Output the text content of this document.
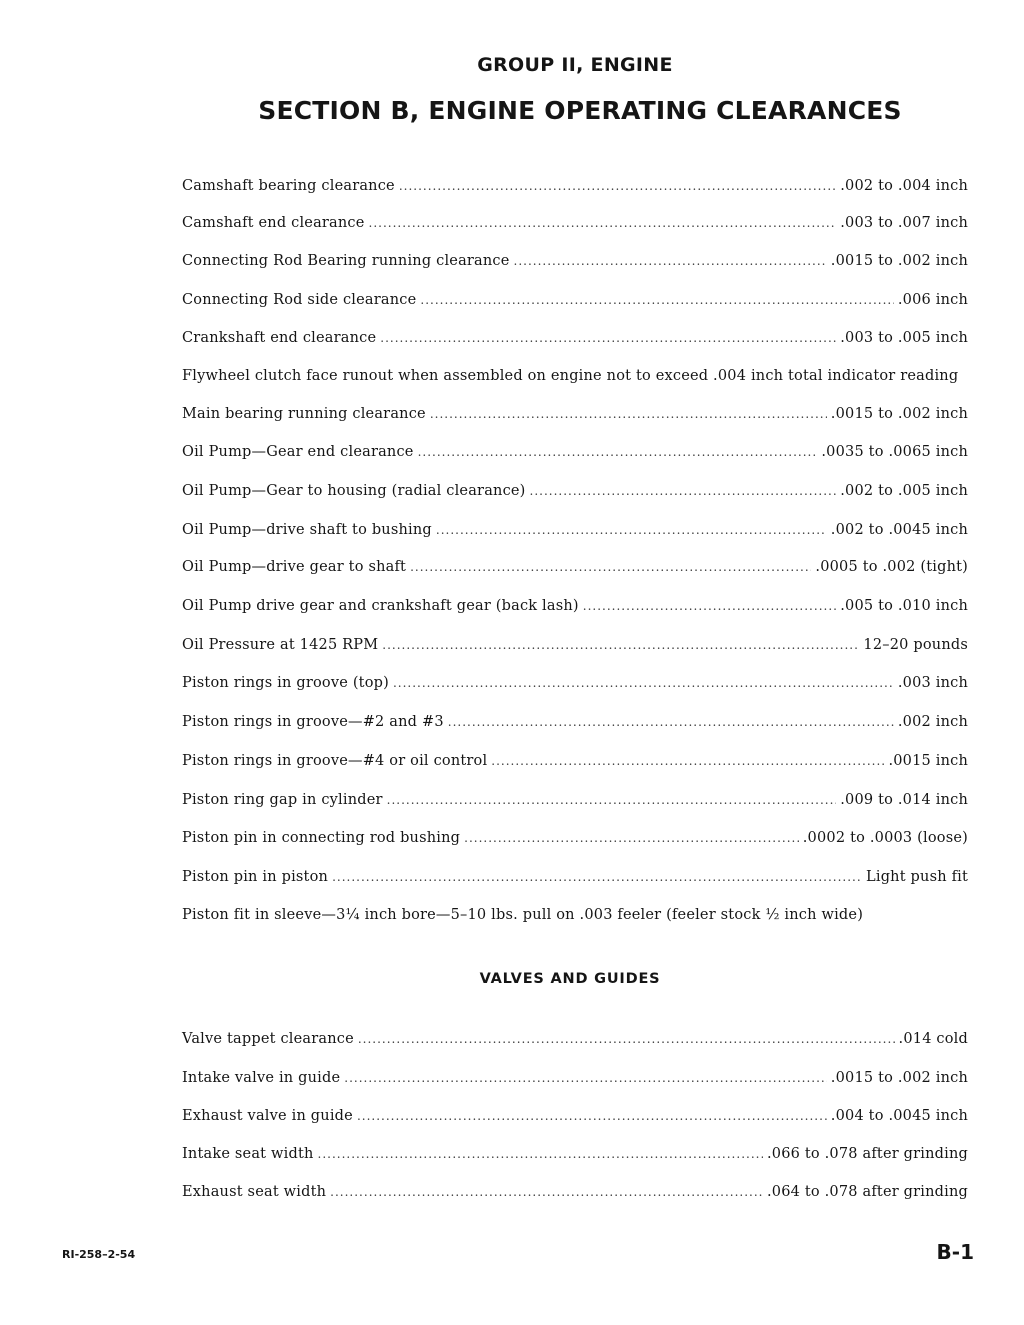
GROUP II, ENGINE
SECTION B, ENGINE OPERATING CLEARANCES
Camshaft bearing clearance .....	.002 to .004 inch
Camshaft end clearance .....	.003 to .007 inch
Connecting Rod Bearing running clearance .....	.0015 to .002 inch
Connecting Rod side clearance .....	.006 inch
Crankshaft end clearance .....	.003 to .005 inch
Flywheel clutch face runout when assembled on engine not to exceed .004 inch total indicator reading
Main bearing running clearance .....	.0015 to .002 inch
Oil Pump—Gear end clearance .....	.0035 to .0065 inch
Oil Pump—Gear to housing (radial clearance) .....	.002 to .005 inch
Oil Pump—drive shaft to bushing .....	.002 to .0045 inch
Oil Pump—drive gear to shaft .....	.0005 to .002 (tight)
Oil Pump drive gear and crankshaft gear (back lash) .....	.005 to .010 inch
Oil Pressure at 1425 RPM .....	12–20 pounds
Piston rings in groove (top) .....	.003 inch
Piston rings in groove—#2 and #3 .....	.002 inch
Piston rings in groove—#4 or oil control .....	.0015 inch
Piston ring gap in cylinder .....	.009 to .014 inch
Piston pin in connecting rod bushing .....	.0002 to .0003 (loose)
Piston pin in piston .....	Light push fit
Piston fit in sleeve—3¼ inch bore—5–10 lbs. pull on .003 feeler (feeler stock ½ inch wide)
VALVES AND GUIDES
Valve tappet clearance .....	.014 cold
Intake valve in guide .....	.0015 to .002 inch
Exhaust valve in guide .....	.004 to .0045 inch
Intake seat width .....	.066 to .078 after grinding
Exhaust seat width .....	.064 to .078 after grinding
RI-258–2-54	B-1
